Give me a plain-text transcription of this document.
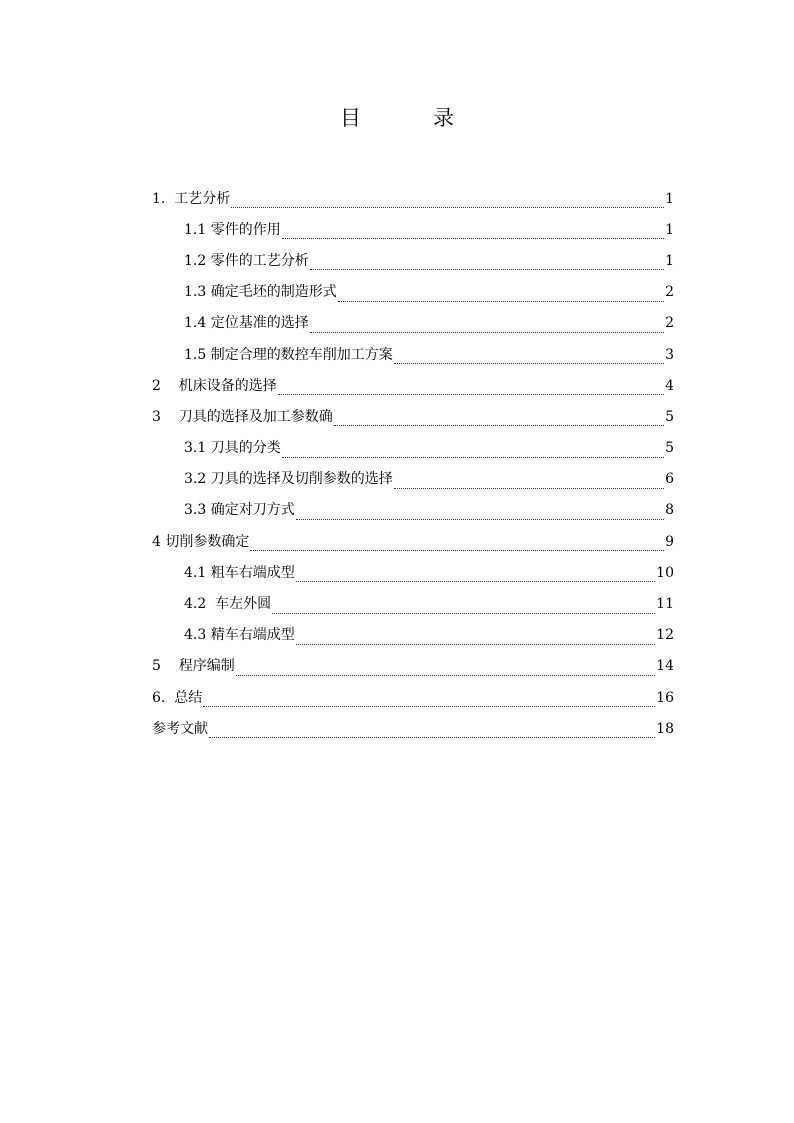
目	录
1.  工艺分析	1
1.1 零件的作用	1
1.2 零件的工艺分析	1
1.3 确定毛坯的制造形式	2
1.4 定位基准的选择	2
1.5 制定合理的数控车削加工方案	3
2    机床设备的选择	4
3    刀具的选择及加工参数确	5
3.1 刀具的分类	5
3.2 刀具的选择及切削参数的选择	6
3.3 确定对刀方式	8
4 切削参数确定	9
4.1 粗车右端成型	10
4.2  车左外圆	11
4.3 精车右端成型	12
5    程序编制	14
6.  总结	16
参考文献	18
